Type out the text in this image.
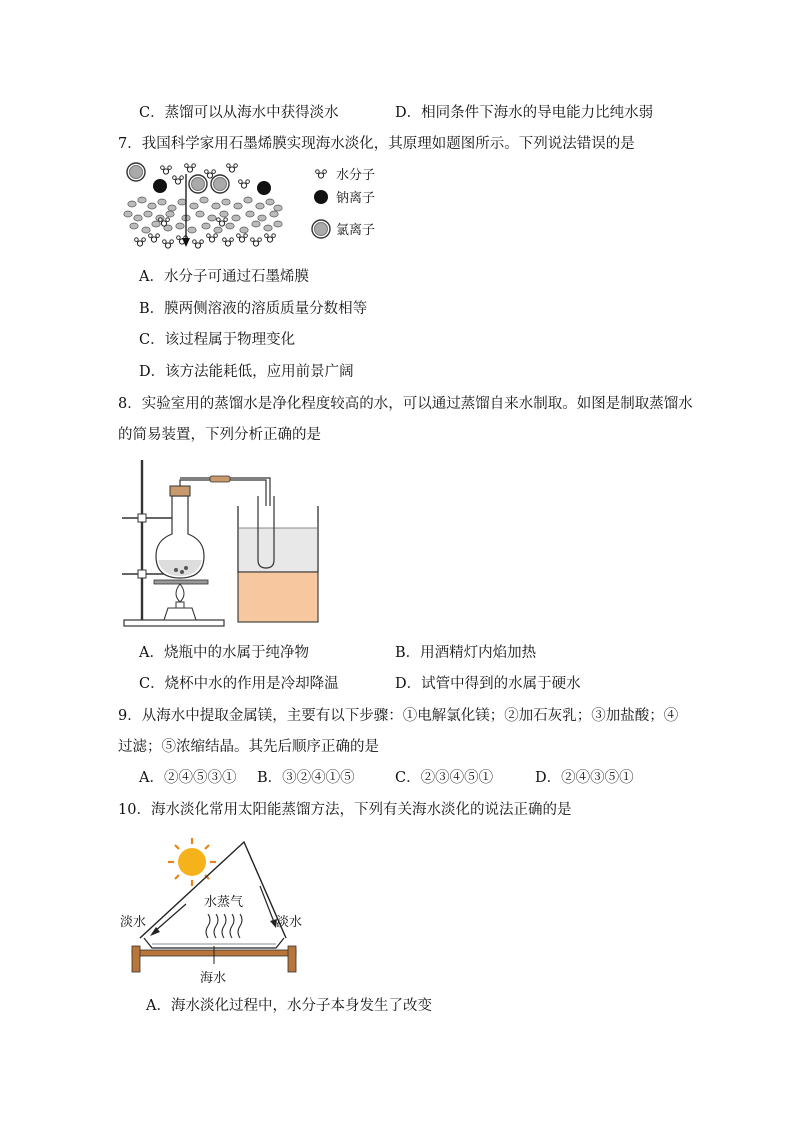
C．蒸馏可以从海水中获得淡水	D．相同条件下海水的导电能力比纯水弱
7．我国科学家用石墨烯膜实现海水淡化，其原理如题图所示。下列说法错误的是
水分子
钠离子
氯离子
A．水分子可通过石墨烯膜
B．膜两侧溶液的溶质质量分数相等
C．该过程属于物理变化
D．该方法能耗低，应用前景广阔
8．实验室用的蒸馏水是净化程度较高的水，可以通过蒸馏自来水制取。如图是制取蒸馏水
的简易装置，下列分析正确的是
A．烧瓶中的水属于纯净物	B．用酒精灯内焰加热
C．烧杯中水的作用是冷却降温	D．试管中得到的水属于硬水
9．从海水中提取金属镁，主要有以下步骤：①电解氯化镁；②加石灰乳；③加盐酸；④
过滤；⑤浓缩结晶。其先后顺序正确的是
A．②④⑤③① B．③②④①⑤	C．②③④⑤①	D．②④③⑤①
10．海水淡化常用太阳能蒸馏方法，下列有关海水淡化的说法正确的是
淡水
水蒸气
淡水
海水
A．海水淡化过程中，水分子本身发生了改变
